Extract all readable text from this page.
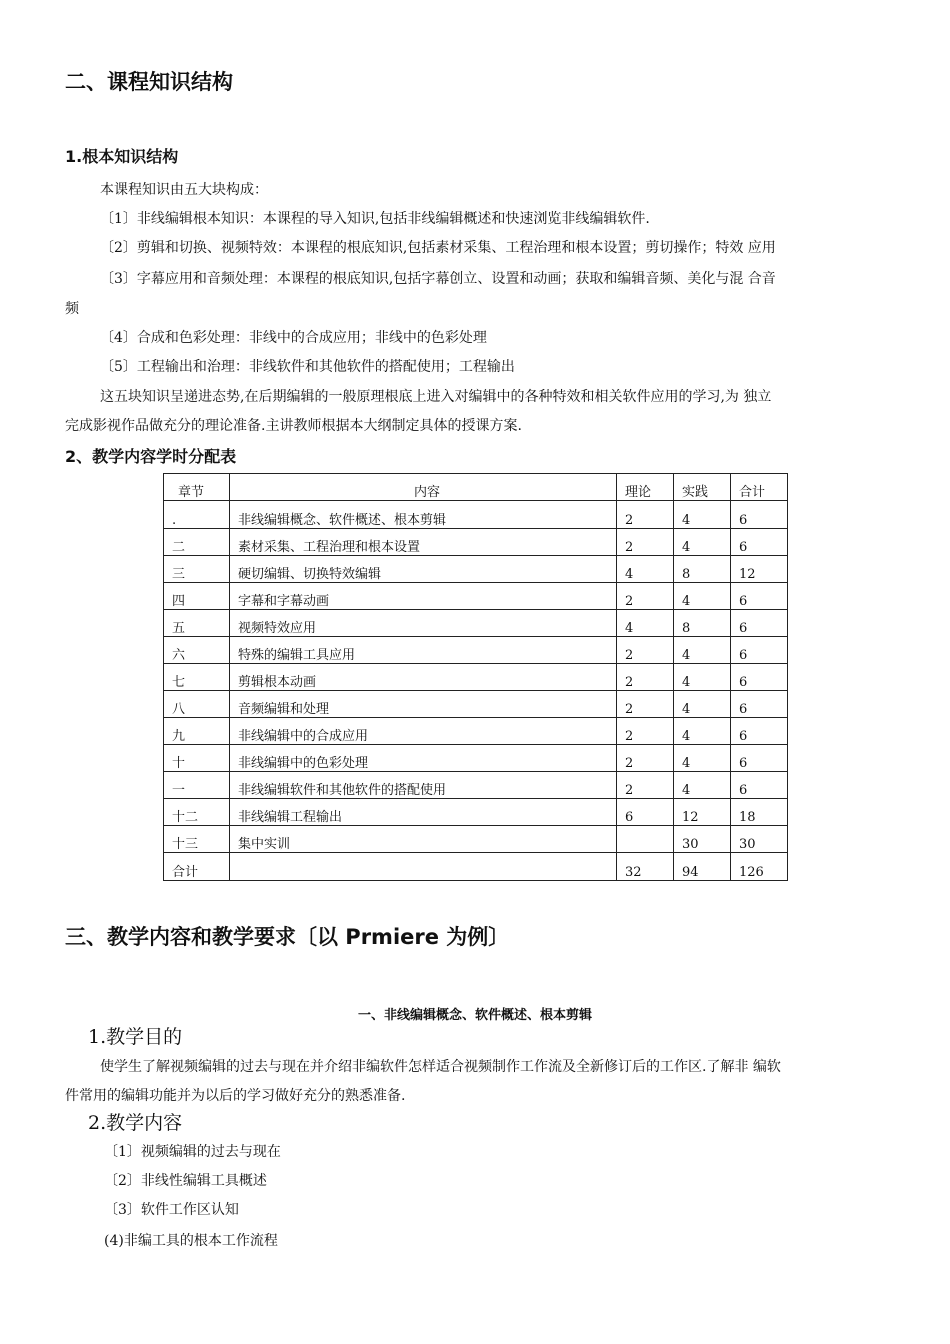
二、课程知识结构
1.根本知识结构
本课程知识由五大块构成：
〔1〕非线编辑根本知识：本课程的导入知识,包括非线编辑概述和快速浏览非线编辑软件.
〔2〕剪辑和切换、视频特效：本课程的根底知识,包括素材采集、工程治理和根本设置；剪切操作；特效 应用
〔3〕字幕应用和音频处理：本课程的根底知识,包括字幕创立、设置和动画；获取和编辑音频、美化与混 合音
频
〔4〕合成和色彩处理：非线中的合成应用；非线中的色彩处理
〔5〕工程输出和治理：非线软件和其他软件的搭配使用；工程输出
这五块知识呈递进态势,在后期编辑的一般原理根底上进入对编辑中的各种特效和相关软件应用的学习,为 独立
完成影视作品做充分的理论准备.主讲教师根据本大纲制定具体的授课方案.
2、教学内容学时分配表
章节	内容	理论	实践	合计
.	非线编辑概念、软件概述、根本剪辑	2	4	6
二	素材采集、工程治理和根本设置	2	4	6
三	硬切编辑、切换特效编辑	4	8	12
四	字幕和字幕动画	2	4	6
五	视频特效应用	4	8	6
六	特殊的编辑工具应用	2	4	6
七	剪辑根本动画	2	4	6
八	音频编辑和处理	2	4	6
九	非线编辑中的合成应用	2	4	6
十	非线编辑中的色彩处理	2	4	6
一	非线编辑软件和其他软件的搭配使用	2	4	6
十二	非线编辑工程输出	6	12	18
十三	集中实训		30	30
合计		32	94	126
三、教学内容和教学要求〔以 Prmiere 为例〕
一、非线编辑概念、软件概述、根本剪辑
1.教学目的
使学生了解视频编辑的过去与现在并介绍非编软件怎样适合视频制作工作流及全新修订后的工作区.了解非 编软
件常用的编辑功能并为以后的学习做好充分的熟悉准备.
2.教学内容
〔1〕视频编辑的过去与现在
〔2〕非线性编辑工具概述
〔3〕软件工作区认知
(4)非编工具的根本工作流程
